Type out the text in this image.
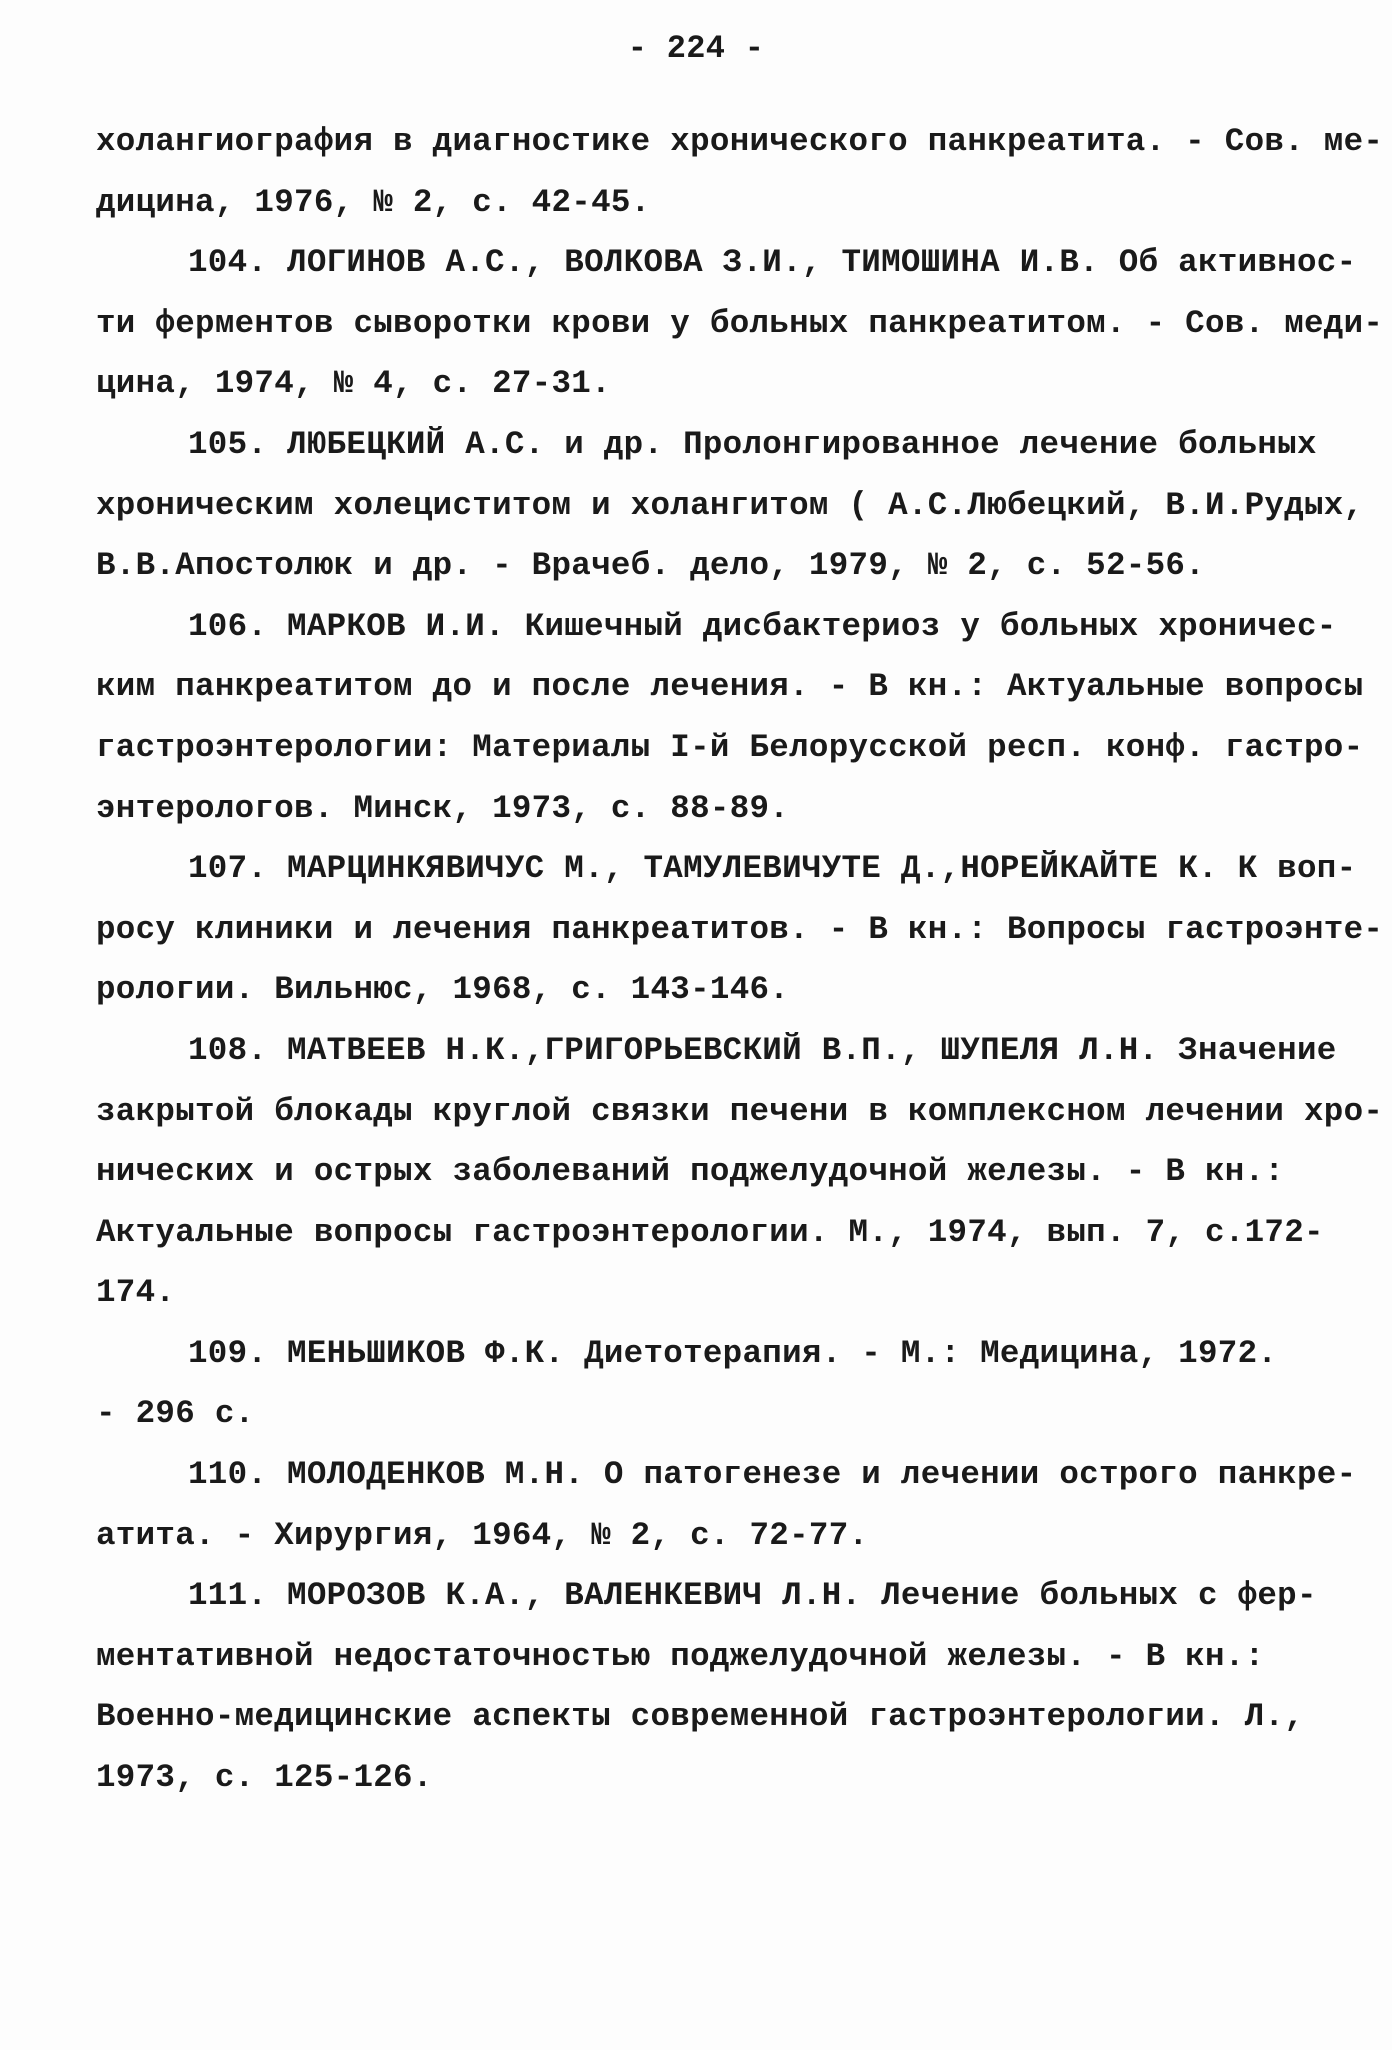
- 224 -
холангиография в диагностике хронического панкреатита. - Сов. ме-
дицина, 1976, № 2, с. 42-45.
104. ЛОГИНОВ А.С., ВОЛКОВА З.И., ТИМОШИНА И.В. Об активнос-
ти ферментов сыворотки крови у больных панкреатитом. - Сов. меди-
цина, 1974, № 4, с. 27-31.
105. ЛЮБЕЦКИЙ А.С. и др. Пролонгированное лечение больных
хроническим холециститом и холангитом ( А.С.Любецкий, В.И.Рудых,
В.В.Апостолюк и др. - Врачеб. дело, 1979, № 2, с. 52-56.
106. МАРКОВ И.И. Кишечный дисбактериоз у больных хроничес-
ким панкреатитом до и после лечения. - В кн.: Актуальные вопросы
гастроэнтерологии: Материалы I-й Белорусской респ. конф. гастро-
энтерологов. Минск, 1973, с. 88-89.
107. МАРЦИНКЯВИЧУС М., ТАМУЛЕВИЧУТЕ Д.,НОРЕЙКАЙТЕ К. К воп-
росу клиники и лечения панкреатитов. - В кн.: Вопросы гастроэнте-
рологии. Вильнюс, 1968, с. 143-146.
108. МАТВЕЕВ Н.К.,ГРИГОРЬЕВСКИЙ В.П., ШУПЕЛЯ Л.Н. Значение
закрытой блокады круглой связки печени в комплексном лечении хро-
нических и острых заболеваний поджелудочной железы. - В кн.:
Актуальные вопросы гастроэнтерологии. М., 1974, вып. 7, с.172-
174.
109. МЕНЬШИКОВ Ф.К. Диетотерапия. - М.: Медицина, 1972.
- 296 с.
110. МОЛОДЕНКОВ М.Н. О патогенезе и лечении острого панкре-
атита. - Хирургия, 1964, № 2, с. 72-77.
111. МОРОЗОВ К.А., ВАЛЕНКЕВИЧ Л.Н. Лечение больных с фер-
ментативной недостаточностью поджелудочной железы. - В кн.:
Военно-медицинские аспекты современной гастроэнтерологии. Л.,
1973, с. 125-126.
